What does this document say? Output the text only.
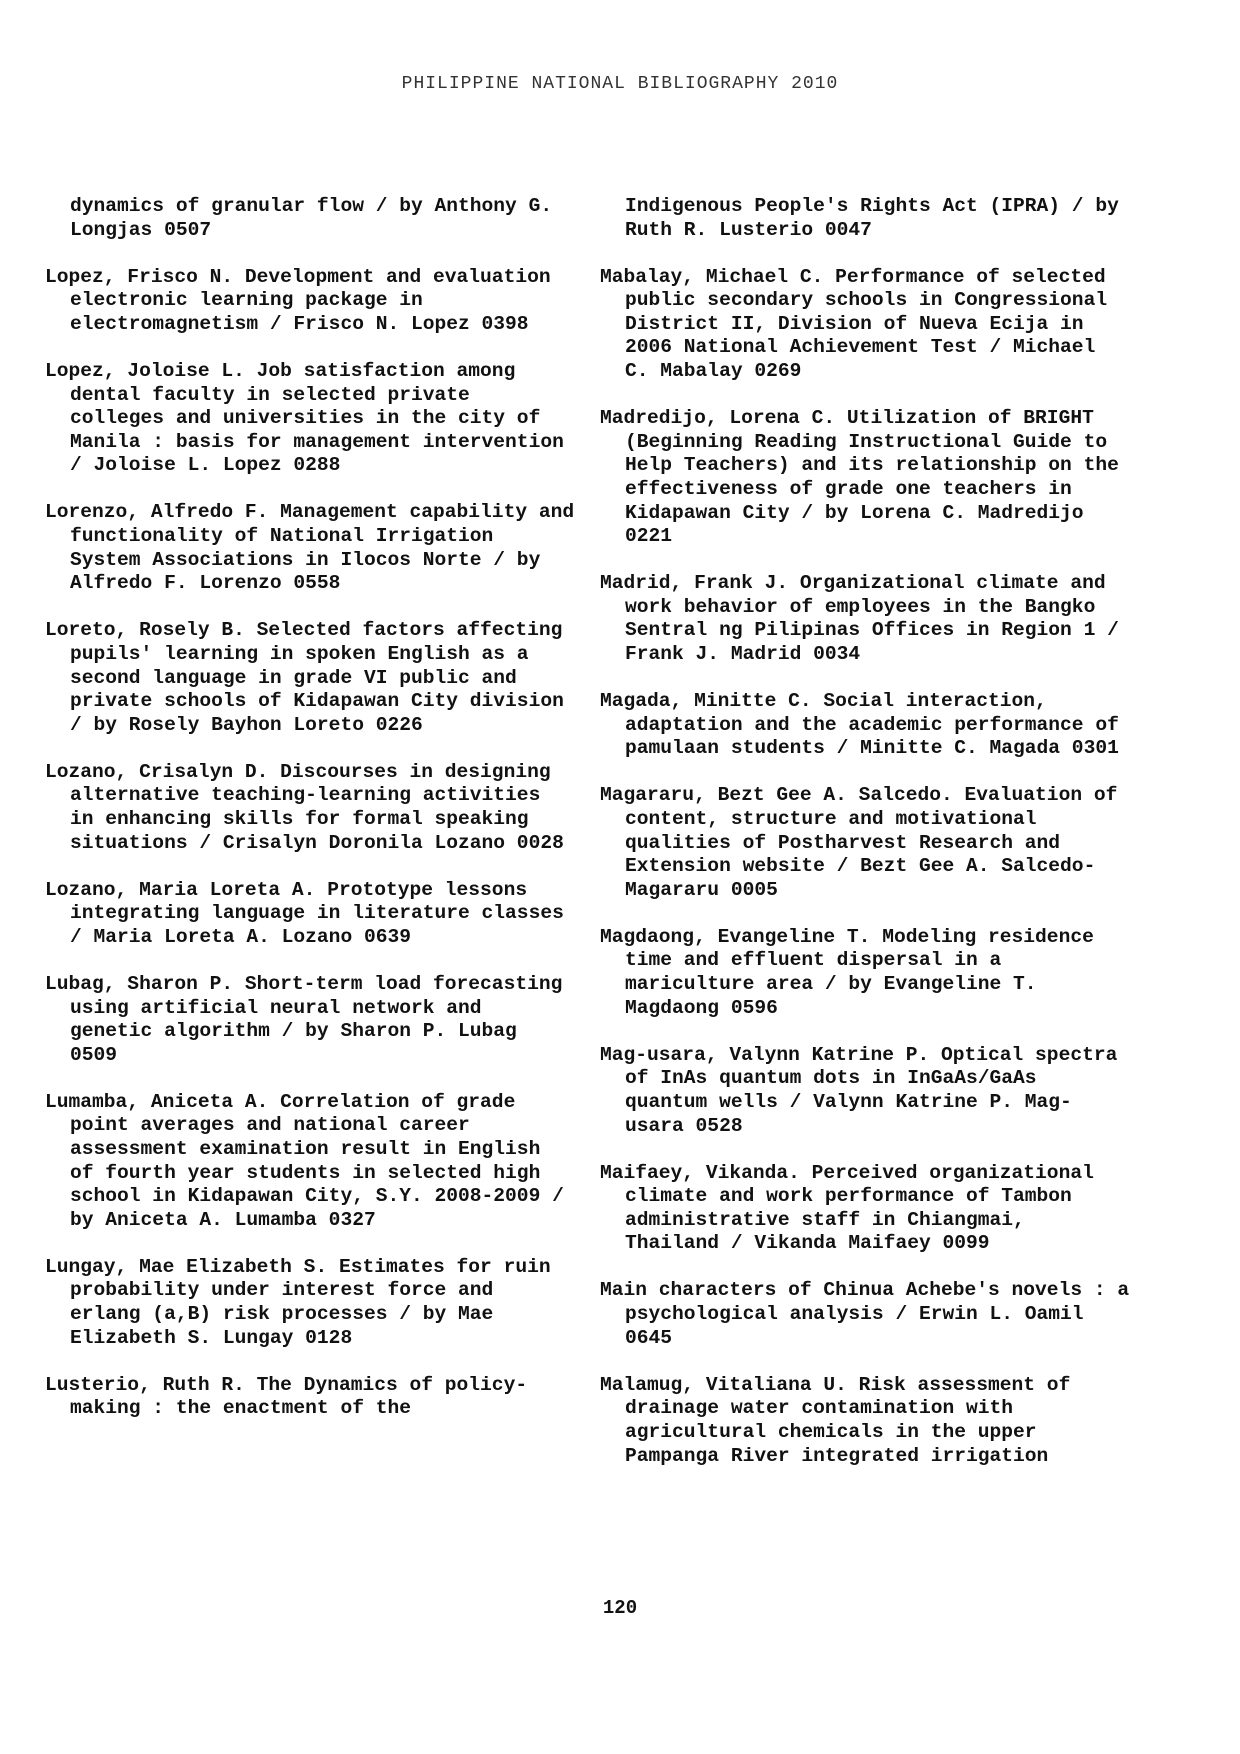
PHILIPPINE NATIONAL BIBLIOGRAPHY 2010

dynamics of granular flow / by Anthony G. Longjas 0507

Lopez, Frisco N. Development and evaluation electronic learning package in electromagnetism / Frisco N. Lopez 0398

Lopez, Joloise L. Job satisfaction among dental faculty in selected private colleges and universities in the city of Manila : basis for management intervention / Joloise L. Lopez 0288

Lorenzo, Alfredo F. Management capability and functionality of National Irrigation System Associations in Ilocos Norte / by Alfredo F. Lorenzo 0558

Loreto, Rosely B. Selected factors affecting pupils' learning in spoken English as a second language in grade VI public and private schools of Kidapawan City division / by Rosely Bayhon Loreto 0226

Lozano, Crisalyn D. Discourses in designing alternative teaching-learning activities in enhancing skills for formal speaking situations / Crisalyn Doronila Lozano 0028

Lozano, Maria Loreta A. Prototype lessons integrating language in literature classes / Maria Loreta A. Lozano 0639

Lubag, Sharon P. Short-term load forecasting using artificial neural network and genetic algorithm / by Sharon P. Lubag 0509

Lumamba, Aniceta A. Correlation of grade point averages and national career assessment examination result in English of fourth year students in selected high school in Kidapawan City, S.Y. 2008-2009 / by Aniceta A. Lumamba 0327

Lungay, Mae Elizabeth S. Estimates for ruin probability under interest force and erlang (a,B) risk processes / by Mae Elizabeth S. Lungay 0128

Lusterio, Ruth R. The Dynamics of policy-making : the enactment of the

Indigenous People's Rights Act (IPRA) / by Ruth R. Lusterio 0047

Mabalay, Michael C. Performance of selected public secondary schools in Congressional District II, Division of Nueva Ecija in 2006 National Achievement Test / Michael C. Mabalay 0269

Madredijo, Lorena C. Utilization of BRIGHT (Beginning Reading Instructional Guide to Help Teachers) and its relationship on the effectiveness of grade one teachers in Kidapawan City / by Lorena C. Madredijo 0221

Madrid, Frank J. Organizational climate and work behavior of employees in the Bangko Sentral ng Pilipinas Offices in Region 1 / Frank J. Madrid 0034

Magada, Minitte C. Social interaction, adaptation and the academic performance of pamulaan students / Minitte C. Magada 0301

Magararu, Bezt Gee A. Salcedo. Evaluation of content, structure and motivational qualities of Postharvest Research and Extension website / Bezt Gee A. Salcedo-Magararu 0005

Magdaong, Evangeline T. Modeling residence time and effluent dispersal in a mariculture area / by Evangeline T. Magdaong 0596

Mag-usara, Valynn Katrine P. Optical spectra of InAs quantum dots in InGaAs/GaAs quantum wells / Valynn Katrine P. Mag-usara 0528

Maifaey, Vikanda. Perceived organizational climate and work performance of Tambon administrative staff in Chiangmai, Thailand / Vikanda Maifaey 0099

Main characters of Chinua Achebe's novels : a psychological analysis / Erwin L. Oamil 0645

Malamug, Vitaliana U. Risk assessment of drainage water contamination with agricultural chemicals in the upper Pampanga River integrated irrigation

120
